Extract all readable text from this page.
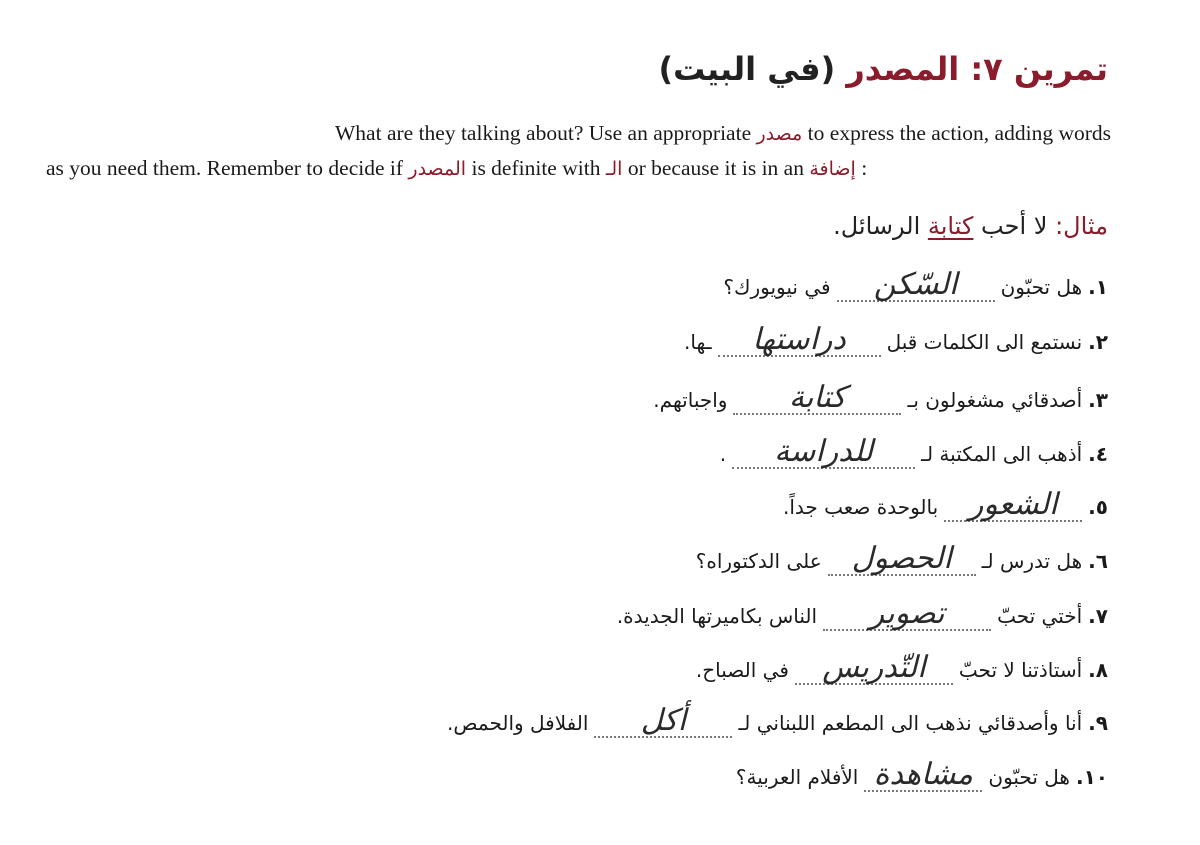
تمرين ٧: المصدر (في البيت)
What are they talking about? Use an appropriate مصدر to express the action, adding words
as you need them. Remember to decide if المصدر is definite with الـ or because it is in an إضافة :
مثال: لا أحب كتابة الرسائل.
١.
هل تحبّون
السّكن
في نيويورك؟
٢.
نستمع الى الكلمات قبل
دراستها
ـها.
٣.
أصدقائي مشغولون بـ
كتابة
واجباتهم.
٤.
أذهب الى المكتبة لـ
للدراسة
.
٥.
الشعور
بالوحدة صعب جداً.
٦.
هل تدرس لـ
الحصول
على الدكتوراه؟
٧.
أختي تحبّ
تصوير
الناس بكاميرتها الجديدة.
٨.
أستاذتنا لا تحبّ
التّدريس
في الصباح.
٩.
أنا وأصدقائي نذهب الى المطعم اللبناني لـ
أكل
الفلافل والحمص.
١٠.
هل تحبّون
مشاهدة
الأفلام العربية؟
